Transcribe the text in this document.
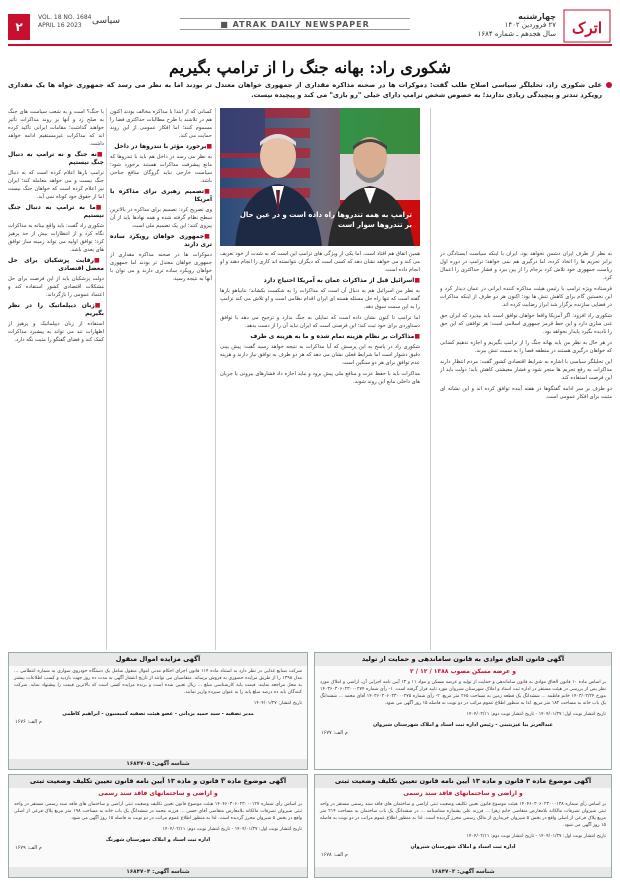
۲
VOL. 18 NO. 1684
APRIL 16 2023	سیاسی	■ ATRAK DAILY NEWSPAPER
چهارشنبه
۲۷ فروردین ۱۴۰۲
سال هجدهم ـ شماره ۱۶۸۴ اترک
شکوری راد: بهانه جنگ را از ترامپ بگیریم
علی شکوری راد، تحلیلگر سیاسی اصلاح طلب گفت: دموکرات ها در صحنه مذاکره مقداری از جمهوری خواهان معتدل تر بودند اما به نظر می رسد که جمهوری خواه ها یک مقداری رویکرد تندتر و پیچیدگی زیادی ندارند؛ به خصوص شخص ترامپ دارای خیلی "رو بازی" می کند و پیچیده نیست.
ترامپ به همه تندروها راه داده است و در عین حال بر تندروها سوار است

به نظر از طرف ایران دشمن نخواهد بود. ایران با اینکه سیاست ایستادگی در برابر تحریم ها را اتخاذ کرده، اما درگیری هم نمی خواهد؛ ترامپ در دوره اول ریاست جمهوری خود تلاش کرد برجام را از بین ببرد و فشار حداکثری را اعمال کرد.

فرستاده ویژه ترامپ با رئیس هیئت مذاکره کننده ایرانی در عمان دیدار کرد و این نخستین گام برای کاهش تنش ها بود؛ اکنون هر دو طرف از اینکه مذاکرات در فضایی سازنده برگزار شد ابراز رضایت کرده اند.

شکوری راد افزود: اگر آمریکا واقعا خواهان توافق است باید بپذیرد که ایران حق غنی سازی دارد و این خط قرمز جمهوری اسلامی است؛ هر توافقی که این حق را نادیده بگیرد پایدار نخواهد بود.

در هر حال به نظر من باید بهانه جنگ را از ترامپ بگیریم و اجازه ندهیم کسانی که خواهان درگیری هستند در منطقه فضا را به سمت تنش ببرند.

این تحلیلگر سیاسی با اشاره به شرایط اقتصادی کشور گفت: مردم انتظار دارند مذاکرات به رفع تحریم ها منجر شود و فشار معیشتی کاهش یابد؛ دولت باید از این فرصت استفاده کند.

دو طرف بر سر ادامه گفتگوها در هفته آینده توافق کرده اند و این نشانه ای مثبت برای افکار عمومی است.

همین اتفاق هم افتاد است. اما یکی از ویژگی های ترامپ این است که به شدت از خود تعریف می کند و می خواهد نشان دهد که کسی است که دیگران نتوانسته اند کاری را انجام دهند و او انجام داده است.

■ اسرائیل قبل از مذاکرات عمان به آمریکا احتیاج دارد

به نظر من اسرائیل هم به دنبال آن است که مذاکرات را به شکست بکشاند؛ نتانیاهو بارها گفته است که تنها راه حل مسئله هسته ای ایران اقدام نظامی است و او تلاش می کند ترامپ را به این سمت سوق دهد.

اما ترامپ تا کنون نشان داده است که تمایلی به جنگ ندارد و ترجیح می دهد با توافق دستاوردی برای خود ثبت کند؛ این فرصتی است که ایران نباید آن را از دست بدهد.

■ مذاکرات بر نظام هزینه تمام شده و ما به هزینه ی طرف

شکوری راد در پاسخ به این پرسش که آیا مذاکرات به نتیجه خواهد رسید گفت: پیش بینی دقیق دشوار است اما شرایط فعلی نشان می دهد که هر دو طرف به توافق نیاز دارند و هزینه عدم توافق برای هر دو سنگین است.

مذاکرات باید با حفظ عزت و منافع ملی پیش برود و نباید اجازه داد فشارهای بیرونی یا جریان های داخلی مانع این روند شوند.

کسانی که از ابتدا با مذاکره مخالف بودند اکنون هم در تلاشند با طرح مطالبات حداکثری فضا را مسموم کنند؛ اما افکار عمومی از این روند حمایت می کند.

■ برخورد مؤثر با تندروها در داخل

به نظر می رسد در داخل هم باید با تندروها که مانع پیشرفت مذاکرات هستند برخورد شود؛ سیاست خارجی نباید گروگان منافع جناحی باشد.

■ تصمیم رهبری برای مذاکره با آمریکا

وی تصریح کرد: تصمیم برای مذاکره در بالاترین سطح نظام گرفته شده و همه نهادها باید از آن پیروی کنند؛ این یک تصمیم ملی است.

■ جمهوری خواهان رویکرد ساده تری دارند

دموکرات ها در صحنه مذاکره مقداری از جمهوری خواهان معتدل تر بودند اما جمهوری خواهان رویکرد ساده تری دارند و می توان با آنها به نتیجه رسید.

با جنگ؟ است و به شعب سیاست های جنگ به صلح زد و آنها بر روند مذاکرات تأثیر خواهند گذاشت؛ مقامات ایرانی تأکید کرده اند که مذاکرات غیرمستقیم ادامه خواهد داشت.

■ نه جنگ و نه ترامپ به دنبال جنگ نیستیم

ترامپ بارها اعلام کرده است که به دنبال جنگ نیست و می خواهد معامله کند؛ ایران نیز اعلام کرده است که خواهان جنگ نیست اما از حقوق خود کوتاه نمی آید.

■ ما به ترامپ به دنبال جنگ نیستیم

شکوری راد گفت: باید واقع بینانه به مذاکرات نگاه کرد و از انتظارات بیش از حد پرهیز کرد؛ توافق اولیه می تواند زمینه ساز توافق های بعدی باشد.

■ رقابت پزشکیان برای حل معضل اقتصادی

دولت پزشکیان باید از این فرصت برای حل مشکلات اقتصادی کشور استفاده کند و اعتماد عمومی را بازگرداند.

■ زبان دیپلماتیک را در نظر بگیریم

استفاده از زبان دیپلماتیک و پرهیز از اظهارات تند می تواند به پیشبرد مذاکرات کمک کند و فضای گفتگو را مثبت نگه دارد.

آگهی قانون الحاق موادی به قانون ساماندهی و حمایت از تولید
و عرضه مسکن مصوب ۱۳۸۸ / ۱۲ / ۲
بر اساس ماده ۱۰ قانون الحاق موادی به قانون ساماندهی و حمایت از تولید و عرضه مسکن و مواد ۱۱ و ۱۳ آیین نامه اجرایی آن، اراضی و املاک مورد نظر پس از بررسی در هیئت مستقر در اداره ثبت اسناد و املاک شهرستان شیروان مورد تایید قرار گرفته است. ۱- رأی شماره ۱۴۰۳۶۰۳۰۶۰۲۳۰۰۰۲۷۴ مورخ ۱۴۰۳/۰۲/۲۴ خانم فاطمه ... ششدانگ یک قطعه زمین به مساحت ۲۶۵ متر مربع. ۲- رأی شماره ۱۴۰۳۶۰۳۰۶۰۲۳۰۰۰۲۷۵ آقای محمد ... ششدانگ یک باب خانه به مساحت ۱۸۲ متر مربع. لذا به منظور اطلاع عموم مراتب در دو نوبت به فاصله ۱۵ روز آگهی می شود.
تاریخ انتشار نوبت اول: ۱۴۰۴/۰۱/۲۷ - تاریخ انتشار نوبت دوم: ۱۴۰۴/۰۲/۱۱
عبدالعزیز بنا عیزیتینی - رئیس اداره ثبت اسناد و املاک شهرستان شیروان
م الف: ۱۶۷۷
آگهی مزایده اموال منقول
شرکت صنایع غذایی در نظر دارد به استناد ماده ۱۱۴ قانون اجرای احکام مدنی اموال منقول شامل یک دستگاه خودروی سواری به شماره انتظامی ... مدل ۱۳۹۸ را از طریق مزایده حضوری به فروش برساند. متقاضیان می توانند از تاریخ انتشار آگهی به مدت ده روز جهت بازدید و کسب اطلاعات بیشتر به محل مراجعه نمایند. قیمت پایه کارشناسی مبلغ ... ریال تعیین شده است و برنده مزایده کسی است که بالاترین قیمت را پیشنهاد نماید. شرکت کنندگان باید ده درصد مبلغ پایه را به عنوان سپرده واریز نمایند.
تاریخ انتشار: ۱۴۰۴/۰۱/۲۷
مدیر تصفیه - سید حمید یزدانی - عضو هیئت تصفیه کمیسیون - ابراهیم کاظمی
م الف: ۱۶۷۶
شناسه آگهی: ۱۶۸۴۷۰۵
آگهی موضوع ماده ۳ قانون و ماده ۱۳ آیین نامه قانون تعیین تکلیف وضعیت ثبتی
و اراضی و ساختمانهای فاقد سند رسمی
بر اساس رأی شماره ۱۴۰۴۶۰۳۰۶۰۲۳۰۰۰۱۳۸ هیئت موضوع قانون تعیین تکلیف وضعیت ثبتی اراضی و ساختمان های فاقد سند رسمی مستقر در واحد ثبتی شیروان تصرفات مالکانه بلامعارض متقاضی خانم زهرا ... فرزند علی بشماره شناسنامه ... در ششدانگ یک باب ساختمان به مساحت ۲۱۴ متر مربع پلاک فرعی از اصلی واقع در بخش ۵ شیروان خریداری از مالک رسمی محرز گردیده است. لذا به منظور اطلاع عموم مراتب در دو نوبت به فاصله ۱۵ روز آگهی می شود.
تاریخ انتشار نوبت اول: ۱۴۰۴/۰۱/۲۷ - تاریخ انتشار نوبت دوم: ۱۴۰۴/۰۲/۱۱
اداره ثبت اسناد و املاک شهرستان شیروان
م الف: ۱۶۷۸
شناسه آگهی: ۱۶۸۴۷۰۳
آگهی موضوع ماده ۳ قانون و ماده ۱۳ آیین نامه قانون تعیین تکلیف وضعیت ثبتی
و اراضی و ساختمانهای فاقد سند رسمی
بر اساس رأی شماره ۱۴۰۴۶۰۳۰۶۰۲۳۰۰۰۱۲۷ هیئت موضوع قانون تعیین تکلیف وضعیت ثبتی اراضی و ساختمان های فاقد سند رسمی مستقر در واحد ثبتی شیروان تصرفات مالکانه بلامعارض متقاضی آقای حسن ... فرزند محمد در ششدانگ یک باب خانه به مساحت ۱۹۸ متر مربع پلاک فرعی از اصلی واقع در بخش ۵ شیروان محرز گردیده است. لذا به منظور اطلاع عموم مراتب در دو نوبت به فاصله ۱۵ روز آگهی می شود.
تاریخ انتشار نوبت اول: ۱۴۰۴/۰۱/۲۷ - تاریخ انتشار نوبت دوم: ۱۴۰۴/۰۲/۱۱
اداره ثبت اسناد و املاک شهرستان شهرنگ
م الف: ۱۶۷۹
شناسه آگهی: ۱۶۸۴۷۰۴
